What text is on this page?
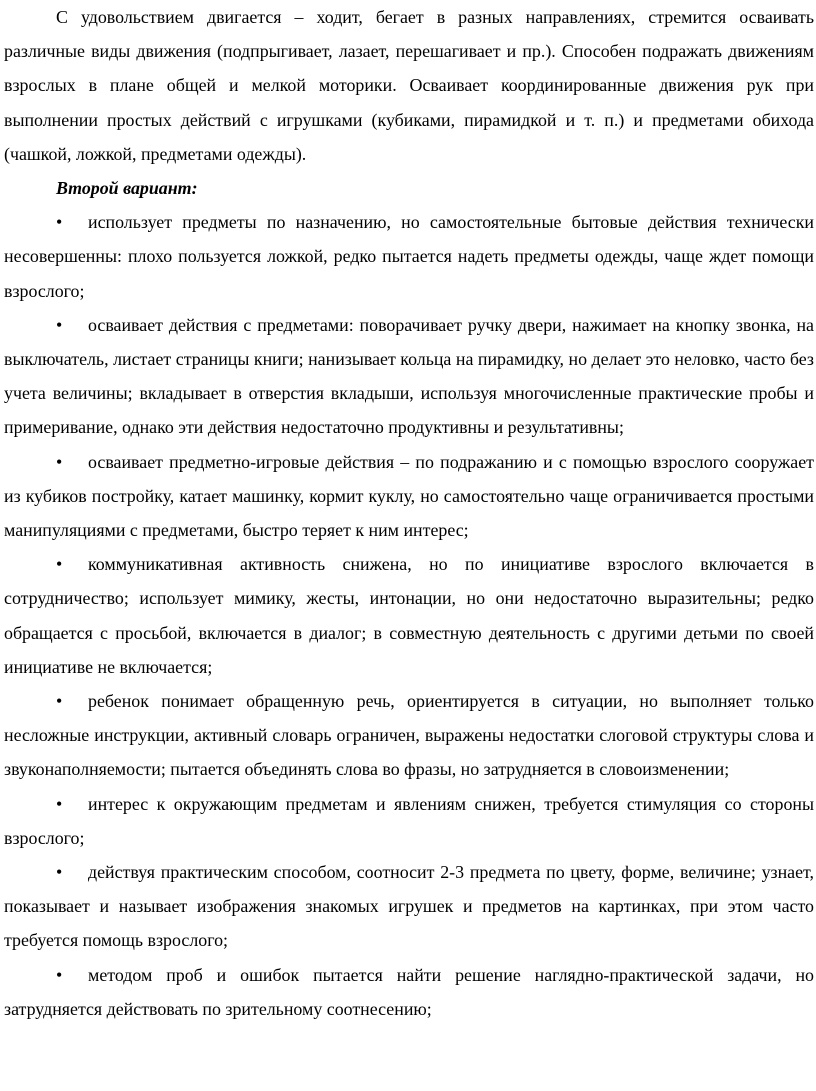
С удовольствием двигается – ходит, бегает в разных направлениях, стремится осваивать различные виды движения (подпрыгивает, лазает, перешагивает и пр.). Способен подражать движениям взрослых в плане общей и мелкой моторики. Осваивает координированные движения рук при выполнении простых действий с игрушками (кубиками, пирамидкой и т. п.) и предметами обихода (чашкой, ложкой, предметами одежды).

Второй вариант:

• использует предметы по назначению, но самостоятельные бытовые действия технически несовершенны: плохо пользуется ложкой, редко пытается надеть предметы одежды, чаще ждет помощи взрослого;

• осваивает действия с предметами: поворачивает ручку двери, нажимает на кнопку звонка, на выключатель, листает страницы книги; нанизывает кольца на пирамидку, но делает это неловко, часто без учета величины; вкладывает в отверстия вкладыши, используя многочисленные практические пробы и примеривание, однако эти действия недостаточно продуктивны и результативны;

• осваивает предметно-игровые действия – по подражанию и с помощью взрослого сооружает из кубиков постройку, катает машинку, кормит куклу, но самостоятельно чаще ограничивается простыми манипуляциями с предметами, быстро теряет к ним интерес;

• коммуникативная активность снижена, но по инициативе взрослого включается в сотрудничество; использует мимику, жесты, интонации, но они недостаточно выразительны; редко обращается с просьбой, включается в диалог; в совместную деятельность с другими детьми по своей инициативе не включается;

• ребенок понимает обращенную речь, ориентируется в ситуации, но выполняет только несложные инструкции, активный словарь ограничен, выражены недостатки слоговой структуры слова и звуконаполняемости; пытается объединять слова во фразы, но затрудняется в словоизменении;

• интерес к окружающим предметам и явлениям снижен, требуется стимуляция со стороны взрослого;

• действуя практическим способом, соотносит 2-3 предмета по цвету, форме, величине; узнает, показывает и называет изображения знакомых игрушек и предметов на картинках, при этом часто требуется помощь взрослого;

• методом проб и ошибок пытается найти решение наглядно-практической задачи, но затрудняется действовать по зрительному соотнесению;
